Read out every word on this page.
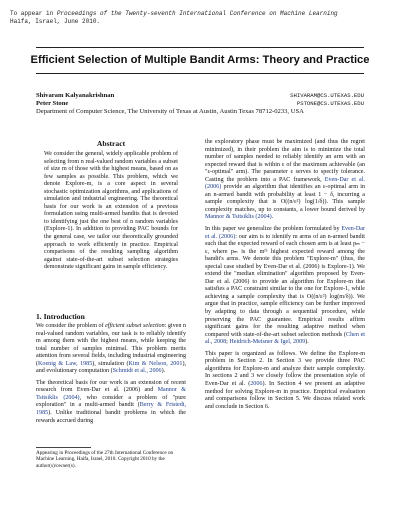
To appear in Proceedings of the Twenty-seventh International Conference on Machine Learning
Haifa, Israel, June 2010.
Efficient Selection of Multiple Bandit Arms: Theory and Practice
Shivaram Kalyanakrishnan	SHIVARAM@CS.UTEXAS.EDU
Peter Stone	PSTONE@CS.UTEXAS.EDU
Department of Computer Science, The University of Texas at Austin, Austin Texas 78712-0233, USA
Abstract
We consider the general, widely applicable problem of selecting from n real-valued random variables a subset of size m of those with the highest means, based on as few samples as possible. This problem, which we denote Explore-m, is a core aspect in several stochastic optimization algorithms, and applications of simulation and industrial engineering. The theoretical basis for our work is an extension of a previous formulation using multi-armed bandits that is devoted to identifying just the one best of n random variables (Explore-1). In addition to providing PAC bounds for the general case, we tailor our theoretically grounded approach to work efficiently in practice. Empirical comparisons of the resulting sampling algorithm against state-of-the-art subset selection strategies demonstrate significant gains in sample efficiency.
1. Introduction

We consider the problem of efficient subset selection: given n real-valued random variables, our task is to reliably identify m among them with the highest means, while keeping the total number of samples minimal. This problem merits attention from several fields, including industrial engineering (Koenig & Law, 1985), simulation (Kim & Nelson, 2001), and evolutionary computation (Schmidt et al., 2006).

The theoretical basis for our work is an extension of recent research from Even-Dar et al. (2006) and Mannor & Tsitsiklis (2004), who consider a problem of "pure exploration" in a multi-armed bandit (Berry & Fristedt, 1985). Unlike traditional bandit problems in which the rewards accrued during

Appearing in Proceedings of the 27th International Conference on Machine Learning, Haifa, Israel, 2010. Copyright 2010 by the author(s)/owner(s).

the exploratory phase must be maximized (and thus the regret minimized), in their problem the aim is to minimize the total number of samples needed to reliably identify an arm with an expected reward that is within ε of the maximum achievable (an "ε-optimal" arm). The parameter ε serves to specify tolerance. Casting the problem into a PAC framework, Even-Dar et al. (2006) provide an algorithm that identifies an ε-optimal arm in an n-armed bandit with probability at least 1 − δ, incurring a sample complexity that is O((n/ε²) log(1/δ)). This sample complexity matches, up to constants, a lower bound derived by Mannor & Tsitsiklis (2004).

In this paper we generalize the problem formulated by Even-Dar et al. (2006): our aim is to identify m arms of an n-armed bandit such that the expected reward of each chosen arm is at least pₘ − ε, where pₘ is the mᵗʰ highest expected reward among the bandit's arms. We denote this problem "Explore-m" (thus, the special case studied by Even-Dar et al. (2006) is Explore-1). We extend the "median elimination" algorithm proposed by Even-Dar et al. (2006) to provide an algorithm for Explore-m that satisfies a PAC constraint similar to the one for Explore-1, while achieving a sample complexity that is O((n/ε²) log(m/δ)). We argue that in practice, sample efficiency can be further improved by adapting to data through a sequential procedure, while preserving the PAC guarantee. Empirical results affirm significant gains for the resulting adaptive method when compared with state-of-the-art subset selection methods (Chen et al., 2008; Heidrich-Meisner & Igel, 2009).

This paper is organized as follows. We define the Explore-m problem in Section 2. In Section 3 we provide three PAC algorithms for Explore-m and analyze their sample complexity. In sections 2 and 3 we closely follow the presentation style of Even-Dar et al. (2006). In Section 4 we present an adaptive method for solving Explore-m in practice. Empirical evaluation and comparisons follow in Section 5. We discuss related work and conclude in Section 6.
